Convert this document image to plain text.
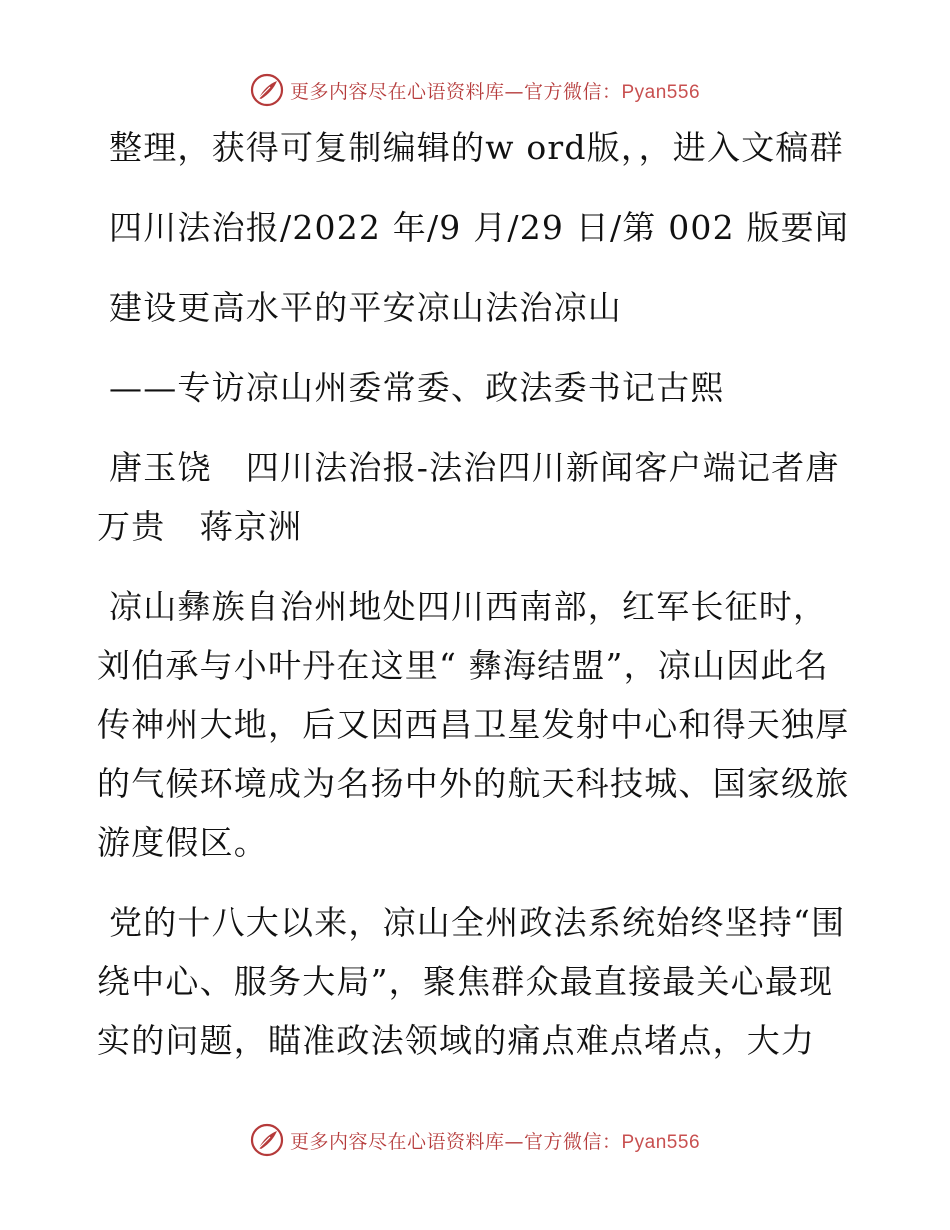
更多内容尽在心语资料库—官方微信：Pyan556

整理，获得可复制编辑的w ord版，，进入文稿群

四川法治报/2022 年/9 月/29 日/第 002 版要闻

建设更高水平的平安凉山法治凉山

——专访凉山州委常委、政法委书记古熙

唐玉饶　四川法治报-法治四川新闻客户端记者唐万贵　蒋京洲

凉山彝族自治州地处四川西南部，红军长征时，刘伯承与小叶丹在这里“ 彝海结盟”，凉山因此名传神州大地，后又因西昌卫星发射中心和得天独厚的气候环境成为名扬中外的航天科技城、国家级旅游度假区。

党的十八大以来，凉山全州政法系统始终坚持“围绕中心、服务大局”，聚焦群众最直接最关心最现实的问题，瞄准政法领域的痛点难点堵点，大力

更多内容尽在心语资料库—官方微信：Pyan556
